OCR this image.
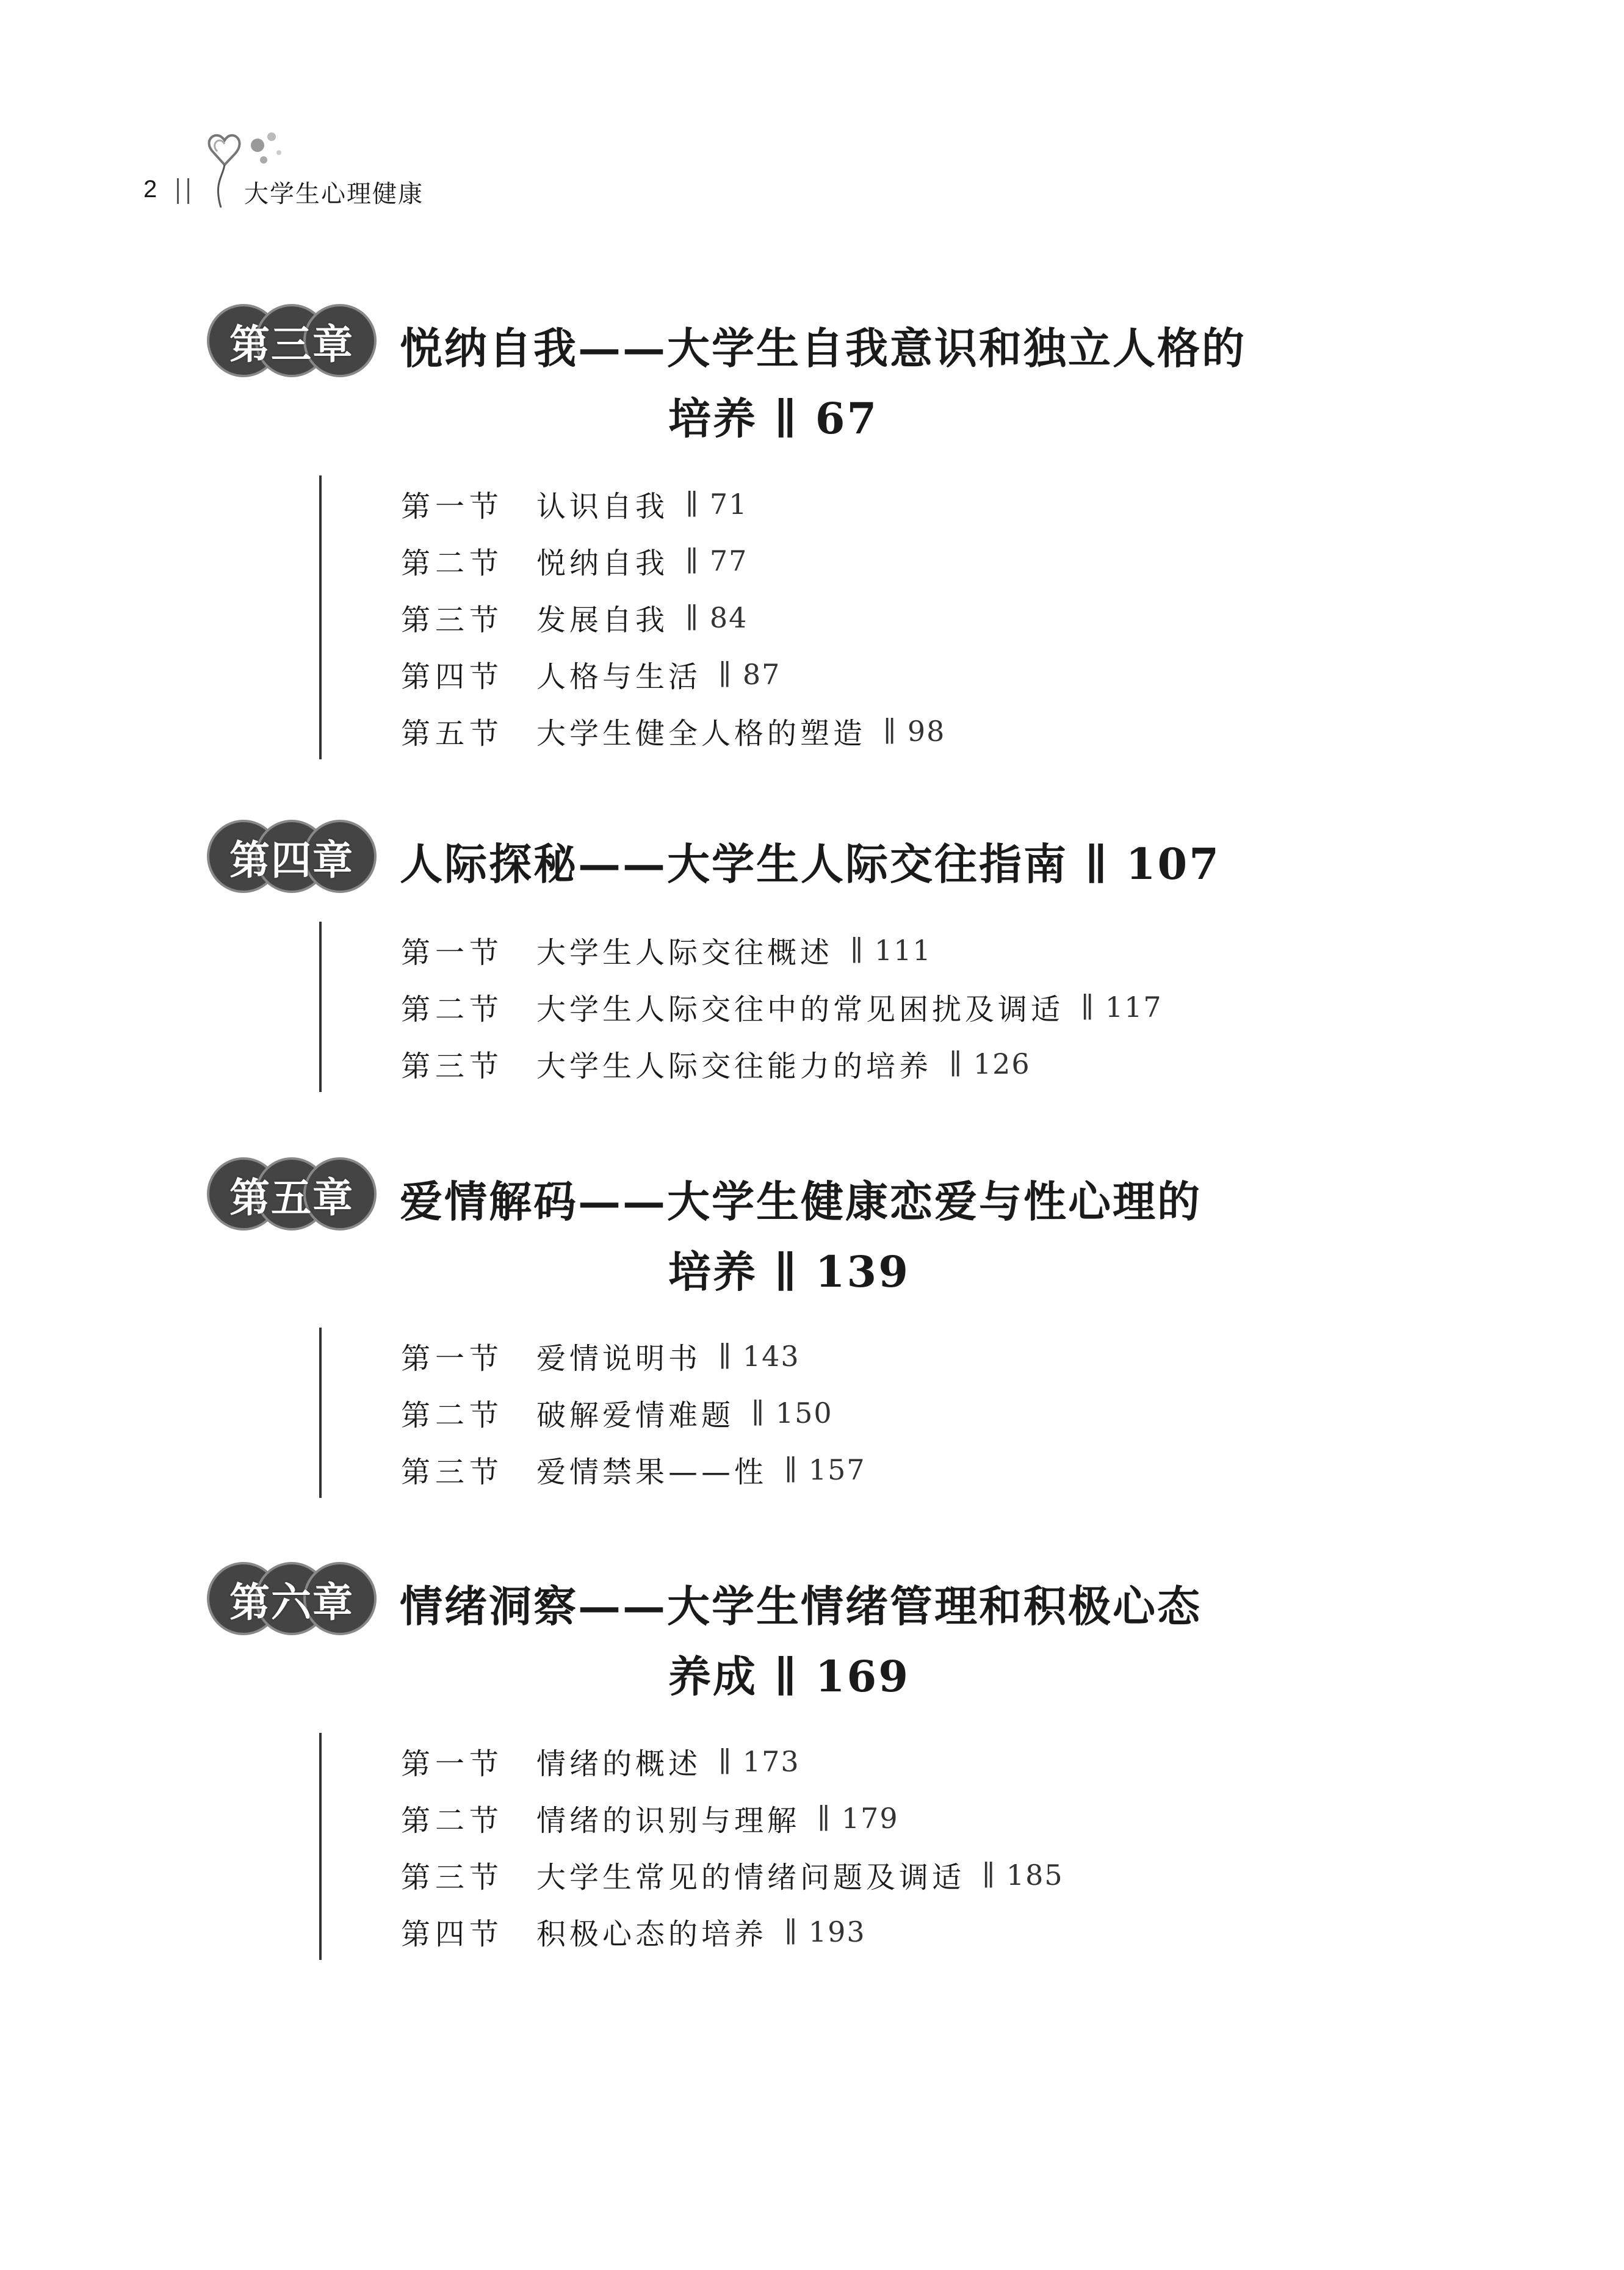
2	大学生心理健康
第三章	悦纳自我——大学生自我意识和独立人格的
培养 ∥ 67
第一节	认识自我 ∥ 71
第二节	悦纳自我 ∥ 77
第三节	发展自我 ∥ 84
第四节	人格与生活 ∥ 87
第五节	大学生健全人格的塑造 ∥ 98
第四章	人际探秘——大学生人际交往指南 ∥ 107
第一节	大学生人际交往概述 ∥ 111
第二节	大学生人际交往中的常见困扰及调适 ∥ 117
第三节	大学生人际交往能力的培养 ∥ 126
第五章	爱情解码——大学生健康恋爱与性心理的
培养 ∥ 139
第一节	爱情说明书 ∥ 143
第二节	破解爱情难题 ∥ 150
第三节	爱情禁果——性 ∥ 157
第六章	情绪洞察——大学生情绪管理和积极心态
养成 ∥ 169
第一节	情绪的概述 ∥ 173
第二节	情绪的识别与理解 ∥ 179
第三节	大学生常见的情绪问题及调适 ∥ 185
第四节	积极心态的培养 ∥ 193
